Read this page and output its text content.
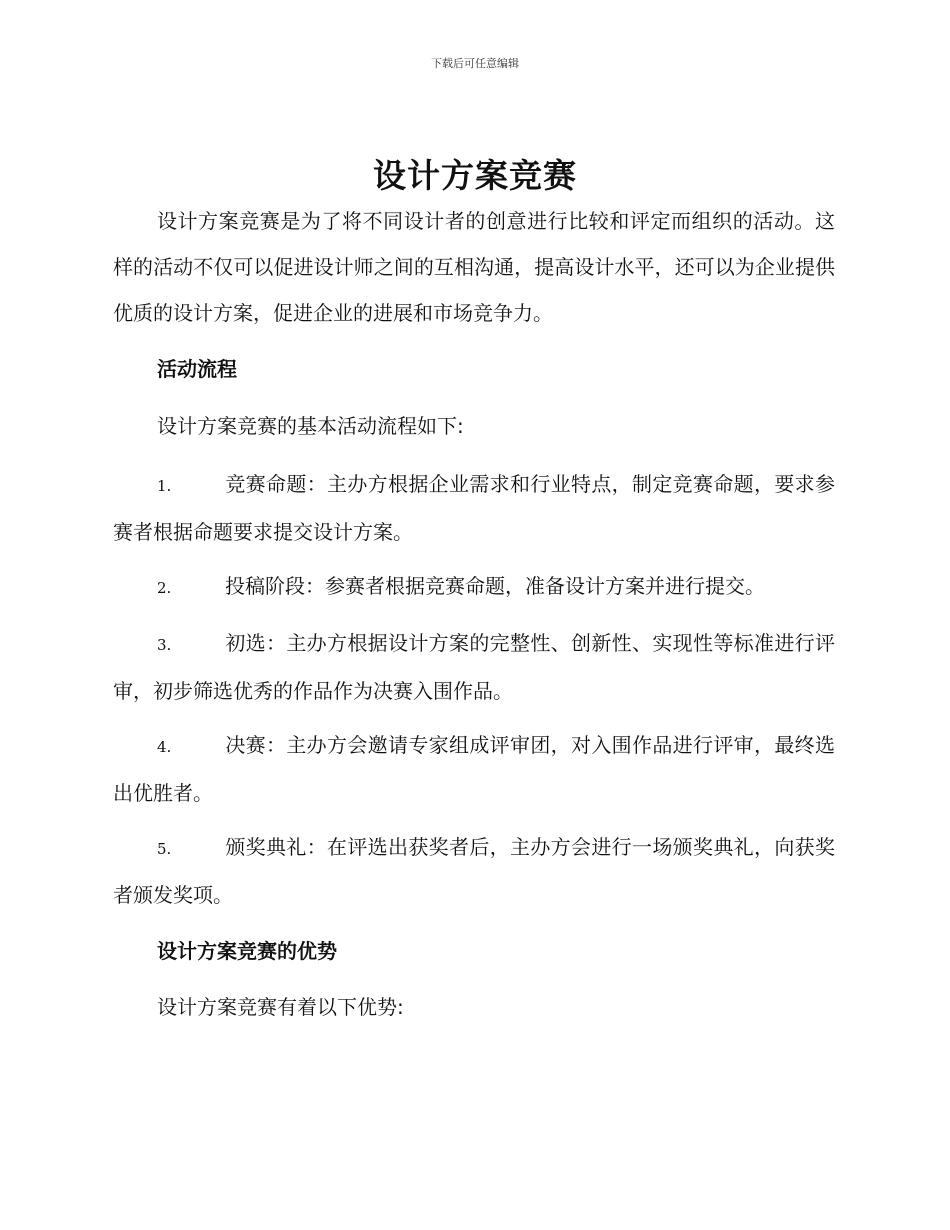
下载后可任意编辑
设计方案竞赛

设计方案竞赛是为了将不同设计者的创意进行比较和评定而组织的活动。这样的活动不仅可以促进设计师之间的互相沟通，提高设计水平，还可以为企业提供优质的设计方案，促进企业的进展和市场竞争力。

活动流程

设计方案竞赛的基本活动流程如下:

1.	竞赛命题：主办方根据企业需求和行业特点，制定竞赛命题，要求参赛者根据命题要求提交设计方案。

2.	投稿阶段：参赛者根据竞赛命题，准备设计方案并进行提交。

3.	初选：主办方根据设计方案的完整性、创新性、实现性等标准进行评审，初步筛选优秀的作品作为决赛入围作品。

4.	决赛：主办方会邀请专家组成评审团，对入围作品进行评审，最终选出优胜者。

5.	颁奖典礼：在评选出获奖者后，主办方会进行一场颁奖典礼，向获奖者颁发奖项。

设计方案竞赛的优势

设计方案竞赛有着以下优势:
